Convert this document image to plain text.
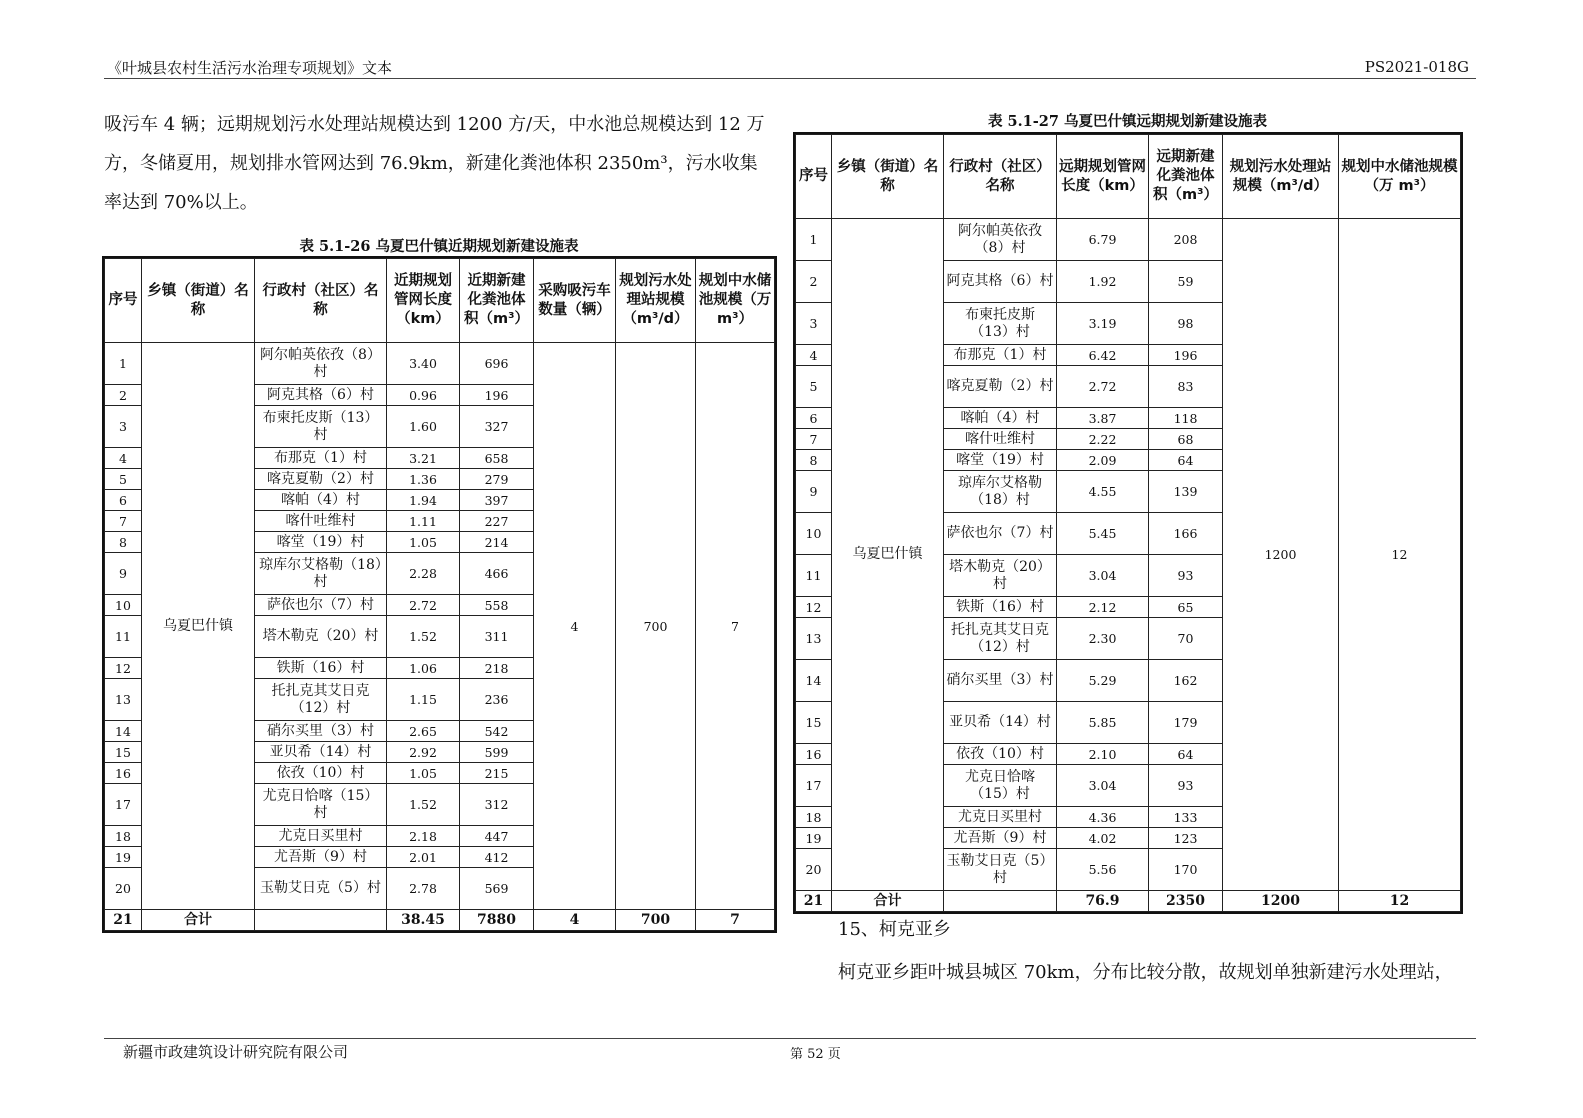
《叶城县农村生活污水治理专项规划》文本	PS2021-018G

吸污车 4 辆；远期规划污水处理站规模达到 1200 方/天，中水池总规模达到 12 万

方，冬储夏用，规划排水管网达到 76.9km，新建化粪池体积 2350m³，污水收集

率达到 70%以上。

表 5.1-26 乌夏巴什镇近期规划新建设施表
序号	乡镇（街道）名称	行政村（社区）名称	近期规划管网长度（km）	近期新建化粪池体积（m³）	采购吸污车数量（辆）	规划污水处理站规模（m³/d）	规划中水储池规模（万 m³）
1	乌夏巴什镇	阿尔帕英依孜（8）村	3.40	696	4	700	7
2		阿克其格（6）村	0.96	196			
3		布柬托皮斯（13）村	1.60	327			
4		布那克（1）村	3.21	658			
5		喀克夏勒（2）村	1.36	279			
6		喀帕（4）村	1.94	397			
7		喀什吐维村	1.11	227			
8		喀堂（19）村	1.05	214			
9		琼库尔艾格勒（18）村	2.28	466			
10		萨依也尔（7）村	2.72	558			
11		塔木勒克（20）村	1.52	311			
12		铁斯（16）村	1.06	218			
13		托扎克其艾日克（12）村	1.15	236			
14		硝尔买里（3）村	2.65	542			
15		亚贝希（14）村	2.92	599			
16		依孜（10）村	1.05	215			
17		尤克日恰喀（15）村	1.52	312			
18		尤克日买里村	2.18	447			
19		尤吾斯（9）村	2.01	412			
20		玉勒艾日克（5）村	2.78	569			
21	合计		38.45	7880	4	700	7
表 5.1-27 乌夏巴什镇远期规划新建设施表
序号	乡镇（街道）名称	行政村（社区）名称	远期规划管网长度（km）	远期新建化粪池体积（m³）	规划污水处理站规模（m³/d）	规划中水储池规模（万 m³）
1	乌夏巴什镇	阿尔帕英依孜（8）村	6.79	208	1200	12
2		阿克其格（6）村	1.92	59		
3		布柬托皮斯（13）村	3.19	98		
4		布那克（1）村	6.42	196		
5		喀克夏勒（2）村	2.72	83		
6		喀帕（4）村	3.87	118		
7		喀什吐维村	2.22	68		
8		喀堂（19）村	2.09	64		
9		琼库尔艾格勒（18）村	4.55	139		
10		萨依也尔（7）村	5.45	166		
11		塔木勒克（20）村	3.04	93		
12		铁斯（16）村	2.12	65		
13		托扎克其艾日克（12）村	2.30	70		
14		硝尔买里（3）村	5.29	162		
15		亚贝希（14）村	5.85	179		
16		依孜（10）村	2.10	64		
17		尤克日恰喀（15）村	3.04	93		
18		尤克日买里村	4.36	133		
19		尤吾斯（9）村	4.02	123		
20		玉勒艾日克（5）村	5.56	170		
21	合计		76.9	2350	1200	12
15、柯克亚乡
柯克亚乡距叶城县城区 70km，分布比较分散，故规划单独新建污水处理站，
新疆市政建筑设计研究院有限公司	第 52 页
